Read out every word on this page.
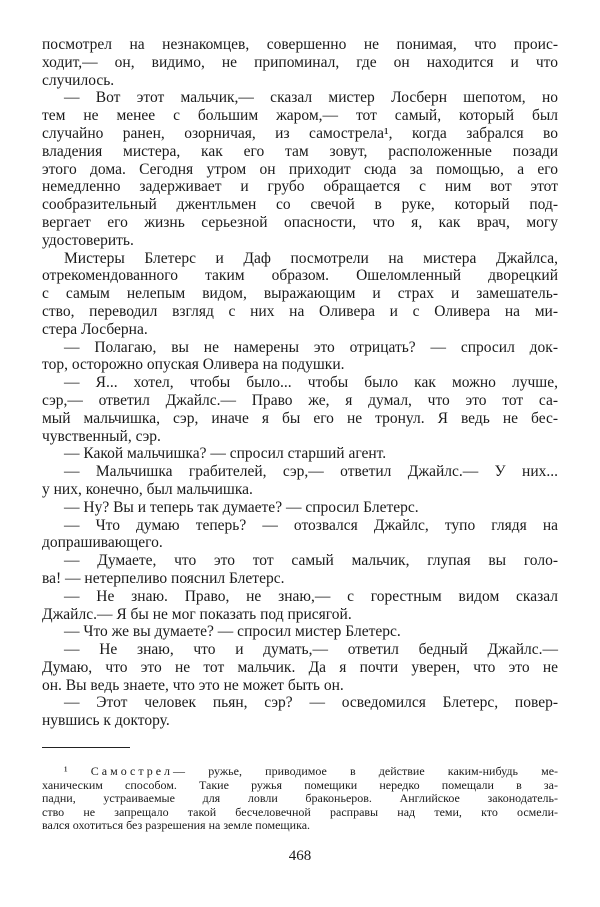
посмотрел на незнакомцев, совершенно не понимая, что проис-
ходит,— он, видимо, не припоминал, где он находится и что
случилось.
— Вот этот мальчик,— сказал мистер Лосберн шепотом, но
тем не менее с большим жаром,— тот самый, который был
случайно ранен, озорничая, из самострела¹, когда забрался во
владения мистера, как его там зовут, расположенные позади
этого дома. Сегодня утром он приходит сюда за помощью, а его
немедленно задерживает и грубо обращается с ним вот этот
сообразительный джентльмен со свечой в руке, который под-
вергает его жизнь серьезной опасности, что я, как врач, могу
удостоверить.
Мистеры Блетерс и Даф посмотрели на мистера Джайлса,
отрекомендованного таким образом. Ошеломленный дворецкий
с самым нелепым видом, выражающим и страх и замешатель-
ство, переводил взгляд с них на Оливера и с Оливера на ми-
стера Лосберна.
— Полагаю, вы не намерены это отрицать? — спросил док-
тор, осторожно опуская Оливера на подушки.
— Я... хотел, чтобы было... чтобы было как можно лучше,
сэр,— ответил Джайлс.— Право же, я думал, что это тот са-
мый мальчишка, сэр, иначе я бы его не тронул. Я ведь не бес-
чувственный, сэр.
— Какой мальчишка? — спросил старший агент.
— Мальчишка грабителей, сэр,— ответил Джайлс.— У них...
у них, конечно, был мальчишка.
— Ну? Вы и теперь так думаете? — спросил Блетерс.
— Что думаю теперь? — отозвался Джайлс, тупо глядя на
допрашивающего.
— Думаете, что это тот самый мальчик, глупая вы голо-
ва! — нетерпеливо пояснил Блетерс.
— Не знаю. Право, не знаю,— с горестным видом сказал
Джайлс.— Я бы не мог показать под присягой.
— Что же вы думаете? — спросил мистер Блетерс.
— Не знаю, что и думать,— ответил бедный Джайлс.—
Думаю, что это не тот мальчик. Да я почти уверен, что это не
он. Вы ведь знаете, что это не может быть он.
— Этот человек пьян, сэр? — осведомился Блетерс, повер-
нувшись к доктору.
¹ Самострел— ружье, приводимое в действие каким-нибудь ме-
ханическим способом. Такие ружья помещики нередко помещали в за-
падни, устраиваемые для ловли браконьеров. Английское законодатель-
ство не запрещало такой бесчеловечной расправы над теми, кто осмели-
вался охотиться без разрешения на земле помещика.
468
